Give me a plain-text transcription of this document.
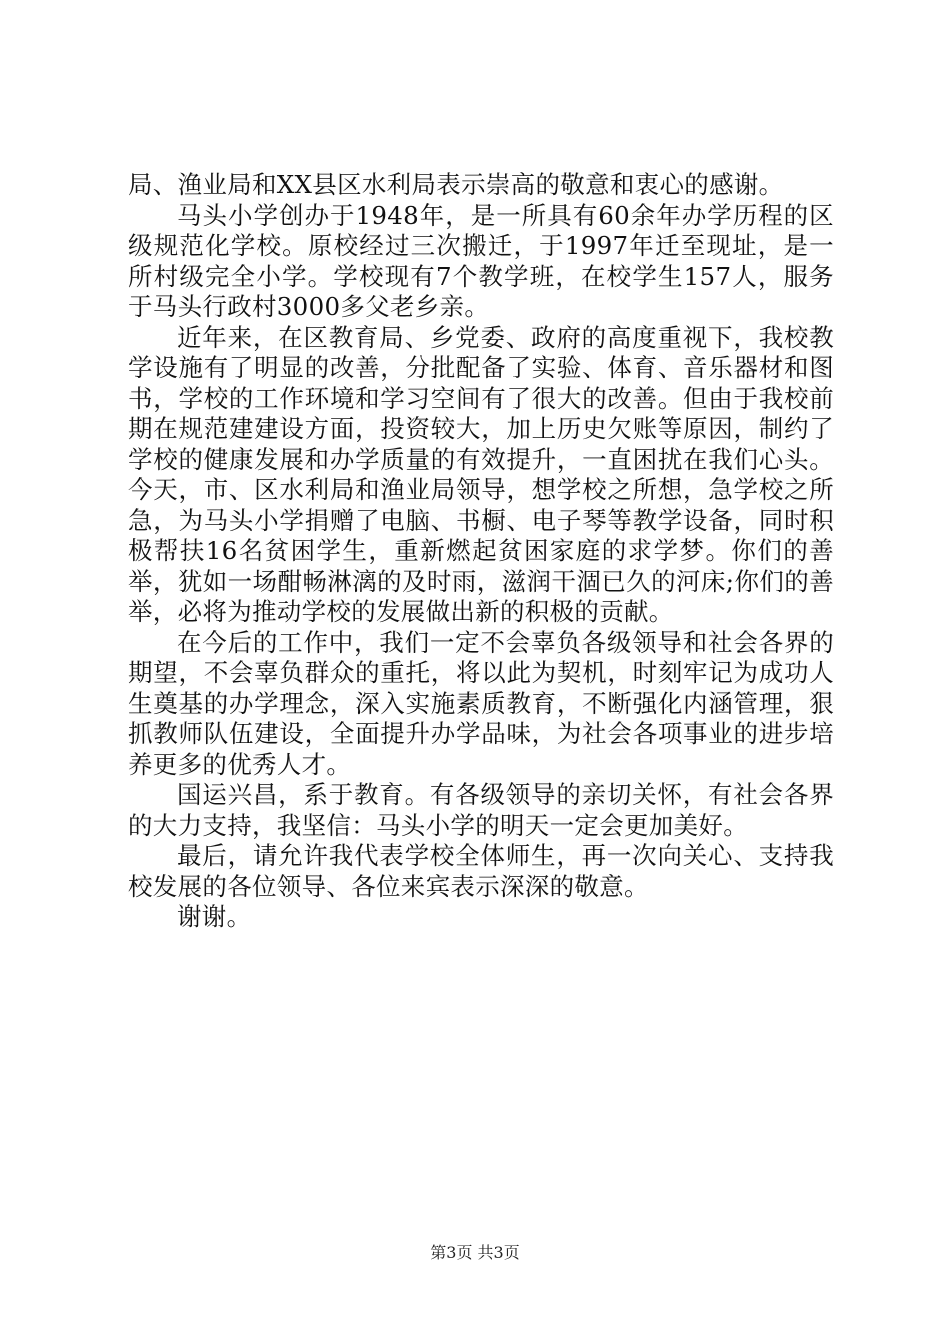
局、渔业局和XX县区水利局表示崇高的敬意和衷心的感谢。

马头小学创办于1948年，是一所具有60余年办学历程的区级规范化学校。原校经过三次搬迁，于1997年迁至现址，是一所村级完全小学。学校现有7个教学班，在校学生157人，服务于马头行政村3000多父老乡亲。

近年来，在区教育局、乡党委、政府的高度重视下，我校教学设施有了明显的改善，分批配备了实验、体育、音乐器材和图书，学校的工作环境和学习空间有了很大的改善。但由于我校前期在规范建建设方面，投资较大，加上历史欠账等原因，制约了学校的健康发展和办学质量的有效提升，一直困扰在我们心头。今天，市、区水利局和渔业局领导，想学校之所想，急学校之所急，为马头小学捐赠了电脑、书橱、电子琴等教学设备，同时积极帮扶16名贫困学生，重新燃起贫困家庭的求学梦。你们的善举，犹如一场酣畅淋漓的及时雨，滋润干涸已久的河床;你们的善举，必将为推动学校的发展做出新的积极的贡献。

在今后的工作中，我们一定不会辜负各级领导和社会各界的期望，不会辜负群众的重托，将以此为契机，时刻牢记为成功人生奠基的办学理念，深入实施素质教育，不断强化内涵管理，狠抓教师队伍建设，全面提升办学品味，为社会各项事业的进步培养更多的优秀人才。

国运兴昌，系于教育。有各级领导的亲切关怀，有社会各界的大力支持，我坚信：马头小学的明天一定会更加美好。

最后，请允许我代表学校全体师生，再一次向关心、支持我校发展的各位领导、各位来宾表示深深的敬意。

谢谢。

第3页 共3页
